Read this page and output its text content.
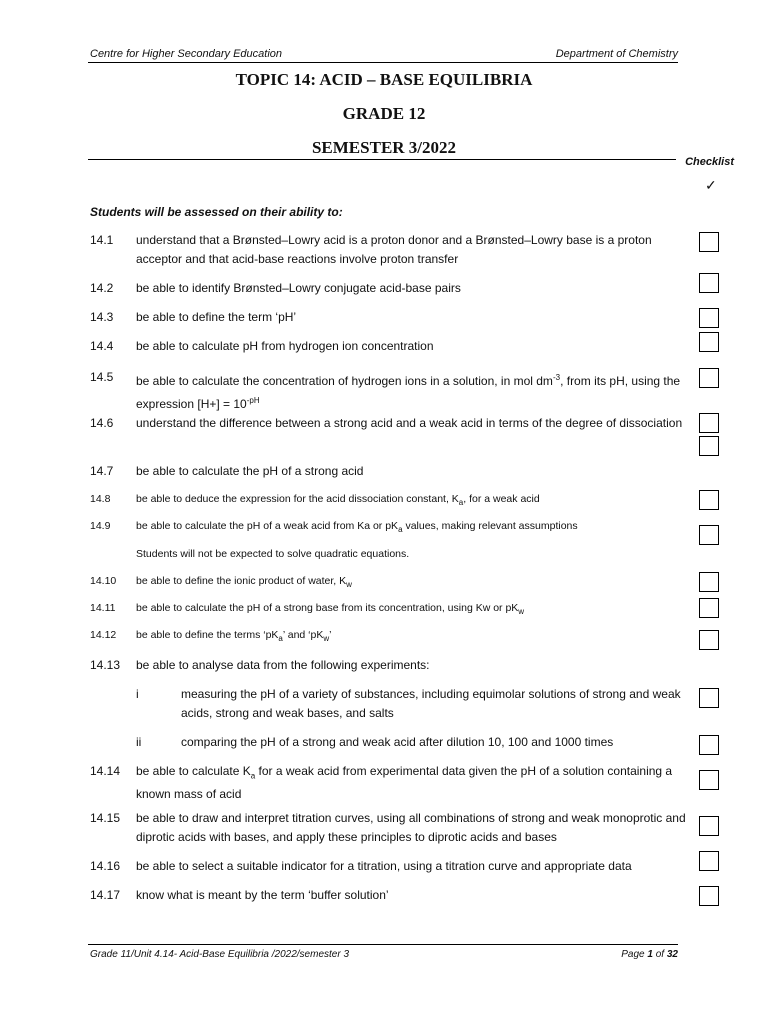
Centre for Higher Secondary Education	Department of Chemistry
TOPIC 14: ACID – BASE EQUILIBRIA
GRADE 12
SEMESTER 3/2022
Checklist
✓
Students will be assessed on their ability to:
14.1 understand that a Brønsted–Lowry acid is a proton donor and a Brønsted–Lowry base is a proton acceptor and that acid-base reactions involve proton transfer
14.2 be able to identify Brønsted–Lowry conjugate acid-base pairs
14.3 be able to define the term ‘pH’
14.4 be able to calculate pH from hydrogen ion concentration
14.5 be able to calculate the concentration of hydrogen ions in a solution, in mol $dm^{-3}$, from its pH, using the expression $[H+] = 10^{-pH}$
14.6 understand the difference between a strong acid and a weak acid in terms of the degree of dissociation
14.7 be able to calculate the pH of a strong acid
14.8 be able to deduce the expression for the acid dissociation constant, $K_a$, for a weak acid
14.9 be able to calculate the pH of a weak acid from Ka or $pK_a$ values, making relevant assumptions
Students will not be expected to solve quadratic equations.
14.10 be able to define the ionic product of water, $K_w$
14.11 be able to calculate the pH of a strong base from its concentration, using Kw or $pK_w$
14.12 be able to define the terms ‘$pK_a$’ and ‘$pK_w$’
14.13 be able to analyse data from the following experiments:
i	measuring the pH of a variety of substances, including equimolar solutions of strong and weak acids, strong and weak bases, and salts
ii	comparing the pH of a strong and weak acid after dilution 10, 100 and 1000 times
14.14 be able to calculate $K_a$ for a weak acid from experimental data given the pH of a solution containing a known mass of acid
14.15 be able to draw and interpret titration curves, using all combinations of strong and weak monoprotic and diprotic acids with bases, and apply these principles to diprotic acids and bases
14.16 be able to select a suitable indicator for a titration, using a titration curve and appropriate data
14.17 know what is meant by the term ‘buffer solution’
Grade 11/Unit 4.14- Acid-Base Equilibria /2022/semester 3	Page 1 of 32
